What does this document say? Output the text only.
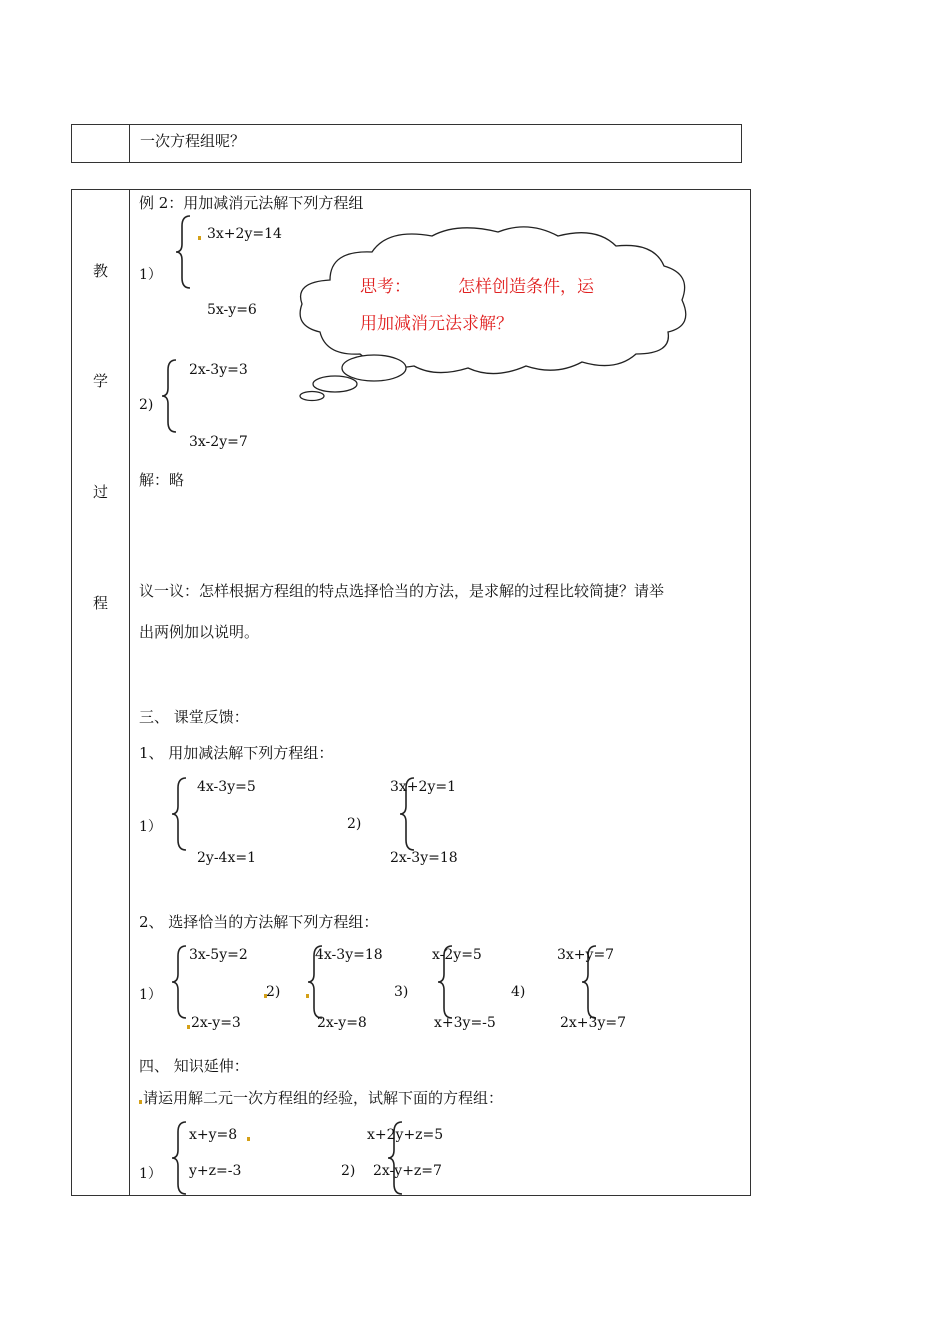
一次方程组呢？
教
学
过
程
例 2：用加减消元法解下列方程组
1）
3x+2y=14
5x-y=6
2)
2x-3y=3
3x-2y=7
解：略
思考：	怎样创造条件，运
用加减消元法求解？
议一议：怎样根据方程组的特点选择恰当的方法，是求解的过程比较简捷？请举
出两例加以说明。
三、 课堂反馈：
1、 用加减法解下列方程组：
1）
4x-3y=5
2y-4x=1
2)
3x+2y=1
2x-3y=18
2、 选择恰当的方法解下列方程组：
1）
3x-5y=2
2x-y=3
2)
4x-3y=18
2x-y=8
3)
x-2y=5
x+3y=-5
4)
3x+y=7
2x+3y=7
四、 知识延伸：
请运用解二元一次方程组的经验，试解下面的方程组：
1）
x+y=8
y+z=-3	2)
x+2y+z=5
2x-y+z=7
